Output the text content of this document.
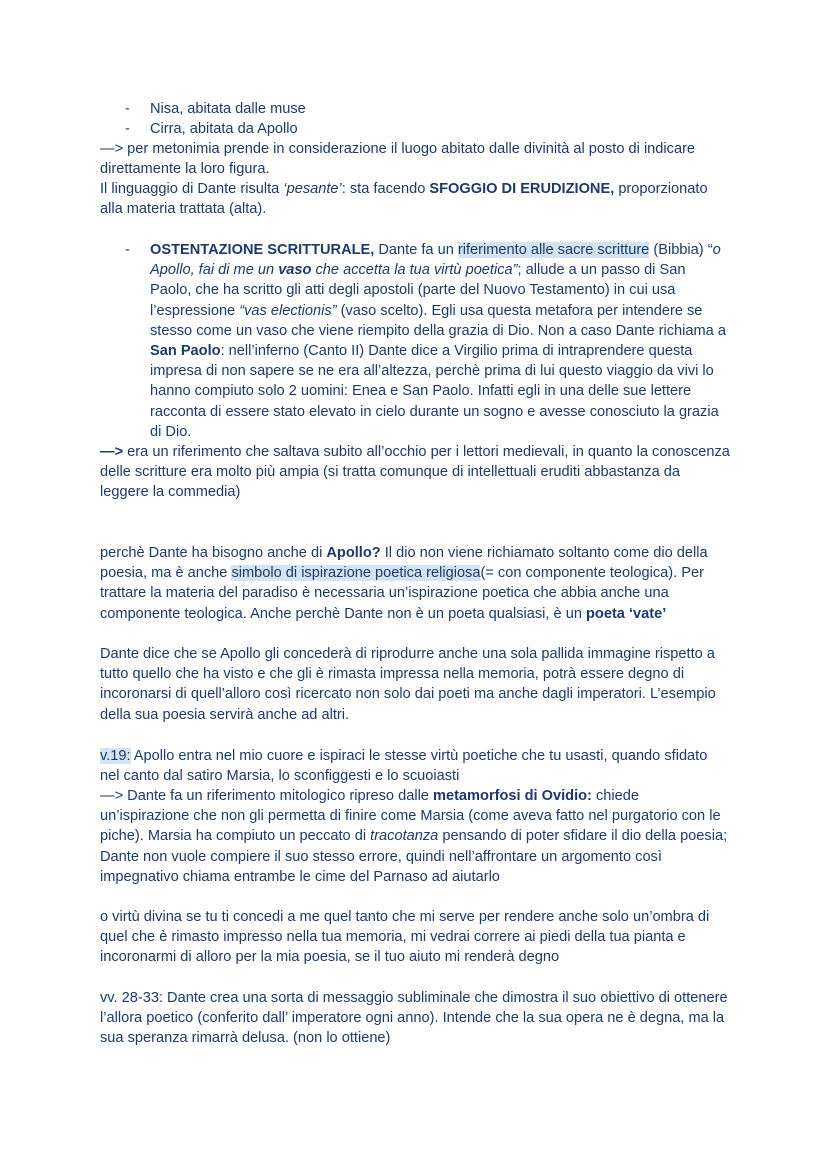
- Nisa, abitata dalle muse

- Cirra, abitata da Apollo

—> per metonimia prende in considerazione il luogo abitato dalle divinità al posto di indicare direttamente la loro figura.

Il linguaggio di Dante risulta ‘pesante’: sta facendo SFOGGIO DI ERUDIZIONE, proporzionato alla materia trattata (alta).

- OSTENTAZIONE SCRITTURALE, Dante fa un riferimento alle sacre scritture (Bibbia) “o Apollo, fai di me un vaso che accetta la tua virtù poetica”; allude a un passo di San Paolo, che ha scritto gli atti degli apostoli (parte del Nuovo Testamento) in cui usa l’espressione “vas electionis” (vaso scelto). Egli usa questa metafora per intendere se stesso come un vaso che viene riempito della grazia di Dio. Non a caso Dante richiama a San Paolo: nell’inferno (Canto II) Dante dice a Virgilio prima di intraprendere questa impresa di non sapere se ne era all’altezza, perchè prima di lui questo viaggio da vivi lo hanno compiuto solo 2 uomini: Enea e San Paolo. Infatti egli in una delle sue lettere racconta di essere stato elevato in cielo durante un sogno e avesse conosciuto la grazia di Dio.

—> era un riferimento che saltava subito all’occhio per i lettori medievali, in quanto la conoscenza delle scritture era molto più ampia (si tratta comunque di intellettuali eruditi abbastanza da leggere la commedia)

perchè Dante ha bisogno anche di Apollo? Il dio non viene richiamato soltanto come dio della poesia, ma è anche simbolo di ispirazione poetica religiosa(= con componente teologica). Per trattare la materia del paradiso è necessaria un’ispirazione poetica che abbia anche una componente teologica. Anche perchè Dante non è un poeta qualsiasi, è un poeta ‘vate’

Dante dice che se Apollo gli concederà di riprodurre anche una sola pallida immagine rispetto a tutto quello che ha visto e che gli è rimasta impressa nella memoria, potrà essere degno di incoronarsi di quell’alloro così ricercato non solo dai poeti ma anche dagli imperatori. L’esempio della sua poesia servirà anche ad altri.

v.19: Apollo entra nel mio cuore e ispiraci le stesse virtù poetiche che tu usasti, quando sfidato nel canto dal satiro Marsia, lo sconfiggesti e lo scuoiasti

—> Dante fa un riferimento mitologico ripreso dalle metamorfosi di Ovidio: chiede un’ispirazione che non gli permetta di finire come Marsia (come aveva fatto nel purgatorio con le piche). Marsia ha compiuto un peccato di tracotanza pensando di poter sfidare il dio della poesia; Dante non vuole compiere il suo stesso errore, quindi nell’affrontare un argomento così impegnativo chiama entrambe le cime del Parnaso ad aiutarlo

o virtù divina se tu ti concedi a me quel tanto che mi serve per rendere anche solo un’ombra di quel che è rimasto impresso nella tua memoria, mi vedrai correre ai piedi della tua pianta e incoronarmi di alloro per la mia poesia, se il tuo aiuto mi renderà degno

vv. 28-33: Dante crea una sorta di messaggio subliminale che dimostra il suo obiettivo di ottenere l’allora poetico (conferito dall’ imperatore ogni anno). Intende che la sua opera ne è degna, ma la sua speranza rimarrà delusa. (non lo ottiene)
